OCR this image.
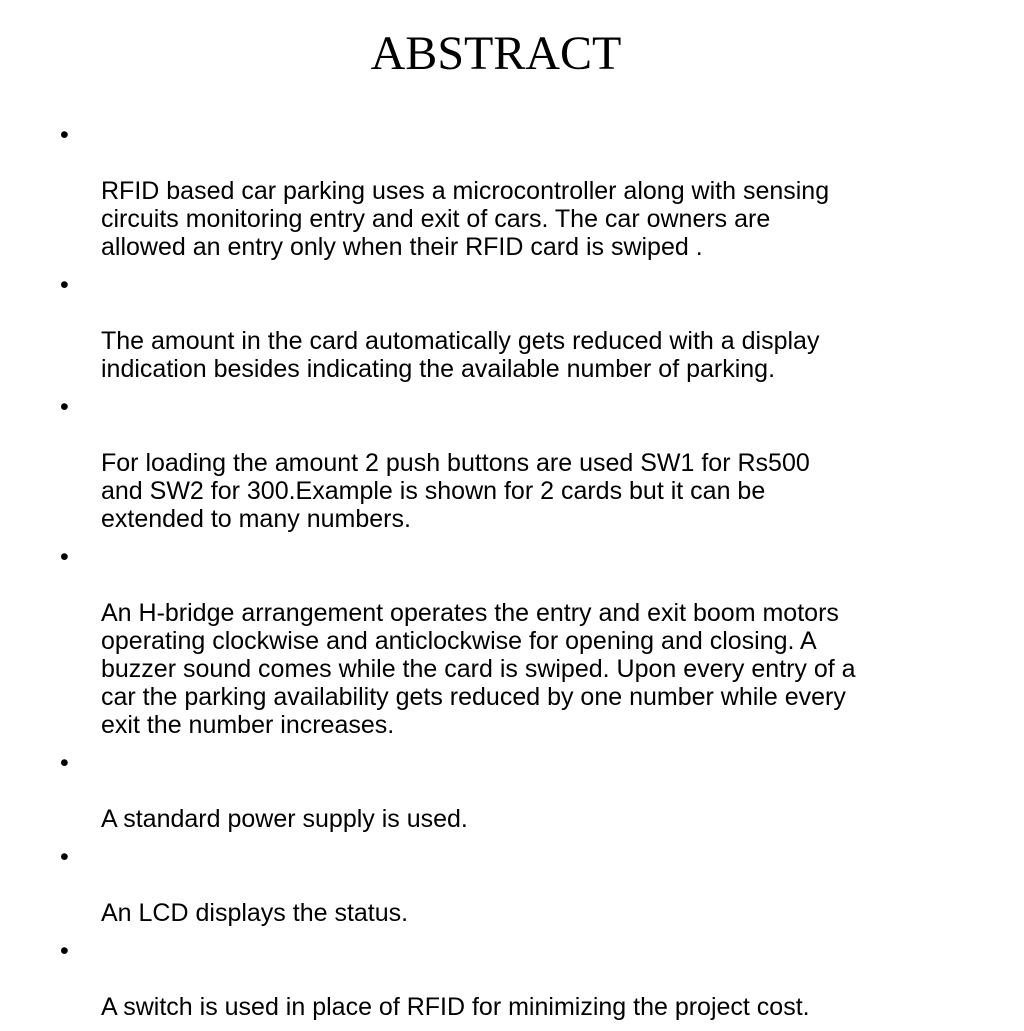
ABSTRACT

•

RFID based car parking uses a microcontroller along with sensing
circuits monitoring entry and exit of cars. The car owners are
allowed an entry only when their RFID card is swiped .

•

The amount in the card automatically gets reduced with a display
indication besides indicating the available number of parking.

•

For loading the amount 2 push buttons are used SW1 for Rs500
and SW2 for 300.Example is shown for 2 cards but it can be
extended to many numbers.

•

An H-bridge arrangement operates the entry and exit boom motors
operating clockwise and anticlockwise for opening and closing. A
buzzer sound comes while the card is swiped. Upon every entry of a
car the parking availability gets reduced by one number while every
exit the number increases.

•

A standard power supply is used.

•

An LCD displays the status.

•

A switch is used in place of RFID for minimizing the project cost.
